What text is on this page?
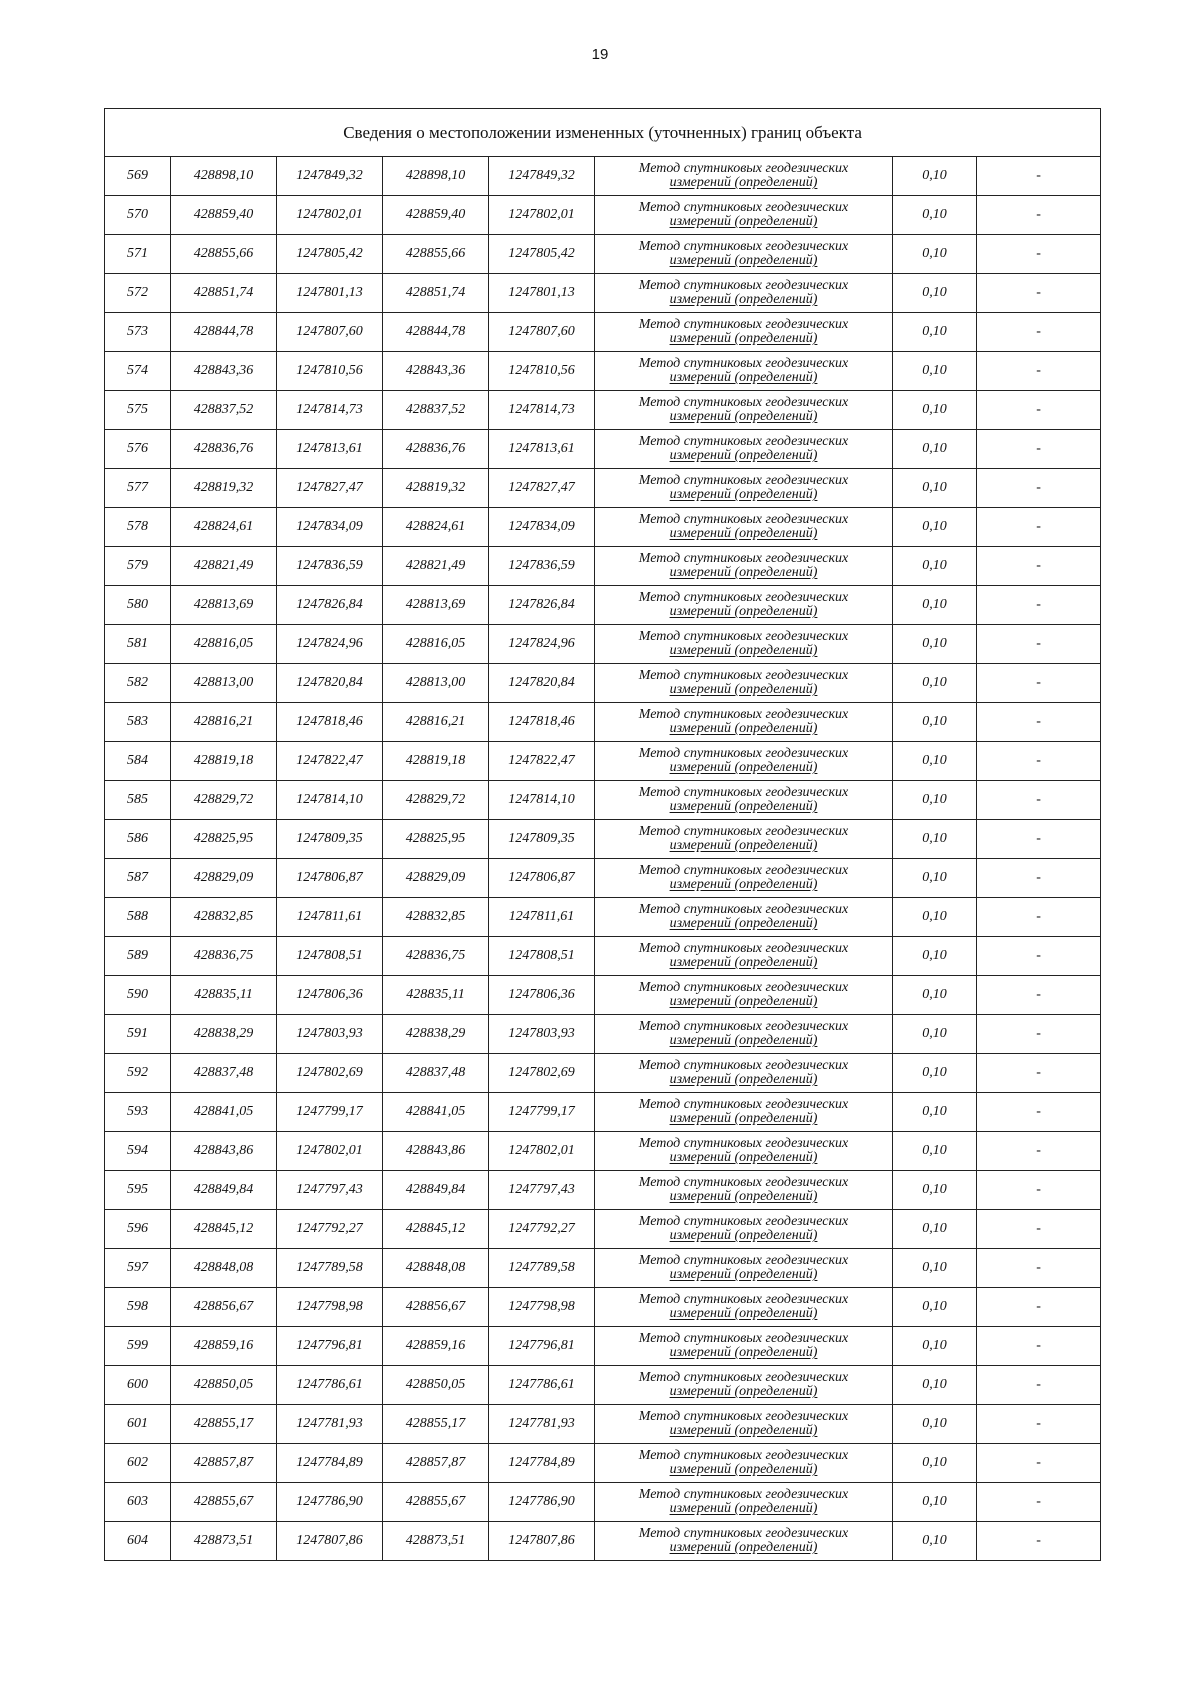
19
Сведения о местоположении измененных (уточненных) границ объекта							
569	428898,10	1247849,32	428898,10	1247849,32	Метод спутниковых геодезических
измерений (определений)	0,10	-
570	428859,40	1247802,01	428859,40	1247802,01	Метод спутниковых геодезических
измерений (определений)	0,10	-
571	428855,66	1247805,42	428855,66	1247805,42	Метод спутниковых геодезических
измерений (определений)	0,10	-
572	428851,74	1247801,13	428851,74	1247801,13	Метод спутниковых геодезических
измерений (определений)	0,10	-
573	428844,78	1247807,60	428844,78	1247807,60	Метод спутниковых геодезических
измерений (определений)	0,10	-
574	428843,36	1247810,56	428843,36	1247810,56	Метод спутниковых геодезических
измерений (определений)	0,10	-
575	428837,52	1247814,73	428837,52	1247814,73	Метод спутниковых геодезических
измерений (определений)	0,10	-
576	428836,76	1247813,61	428836,76	1247813,61	Метод спутниковых геодезических
измерений (определений)	0,10	-
577	428819,32	1247827,47	428819,32	1247827,47	Метод спутниковых геодезических
измерений (определений)	0,10	-
578	428824,61	1247834,09	428824,61	1247834,09	Метод спутниковых геодезических
измерений (определений)	0,10	-
579	428821,49	1247836,59	428821,49	1247836,59	Метод спутниковых геодезических
измерений (определений)	0,10	-
580	428813,69	1247826,84	428813,69	1247826,84	Метод спутниковых геодезических
измерений (определений)	0,10	-
581	428816,05	1247824,96	428816,05	1247824,96	Метод спутниковых геодезических
измерений (определений)	0,10	-
582	428813,00	1247820,84	428813,00	1247820,84	Метод спутниковых геодезических
измерений (определений)	0,10	-
583	428816,21	1247818,46	428816,21	1247818,46	Метод спутниковых геодезических
измерений (определений)	0,10	-
584	428819,18	1247822,47	428819,18	1247822,47	Метод спутниковых геодезических
измерений (определений)	0,10	-
585	428829,72	1247814,10	428829,72	1247814,10	Метод спутниковых геодезических
измерений (определений)	0,10	-
586	428825,95	1247809,35	428825,95	1247809,35	Метод спутниковых геодезических
измерений (определений)	0,10	-
587	428829,09	1247806,87	428829,09	1247806,87	Метод спутниковых геодезических
измерений (определений)	0,10	-
588	428832,85	1247811,61	428832,85	1247811,61	Метод спутниковых геодезических
измерений (определений)	0,10	-
589	428836,75	1247808,51	428836,75	1247808,51	Метод спутниковых геодезических
измерений (определений)	0,10	-
590	428835,11	1247806,36	428835,11	1247806,36	Метод спутниковых геодезических
измерений (определений)	0,10	-
591	428838,29	1247803,93	428838,29	1247803,93	Метод спутниковых геодезических
измерений (определений)	0,10	-
592	428837,48	1247802,69	428837,48	1247802,69	Метод спутниковых геодезических
измерений (определений)	0,10	-
593	428841,05	1247799,17	428841,05	1247799,17	Метод спутниковых геодезических
измерений (определений)	0,10	-
594	428843,86	1247802,01	428843,86	1247802,01	Метод спутниковых геодезических
измерений (определений)	0,10	-
595	428849,84	1247797,43	428849,84	1247797,43	Метод спутниковых геодезических
измерений (определений)	0,10	-
596	428845,12	1247792,27	428845,12	1247792,27	Метод спутниковых геодезических
измерений (определений)	0,10	-
597	428848,08	1247789,58	428848,08	1247789,58	Метод спутниковых геодезических
измерений (определений)	0,10	-
598	428856,67	1247798,98	428856,67	1247798,98	Метод спутниковых геодезических
измерений (определений)	0,10	-
599	428859,16	1247796,81	428859,16	1247796,81	Метод спутниковых геодезических
измерений (определений)	0,10	-
600	428850,05	1247786,61	428850,05	1247786,61	Метод спутниковых геодезических
измерений (определений)	0,10	-
601	428855,17	1247781,93	428855,17	1247781,93	Метод спутниковых геодезических
измерений (определений)	0,10	-
602	428857,87	1247784,89	428857,87	1247784,89	Метод спутниковых геодезических
измерений (определений)	0,10	-
603	428855,67	1247786,90	428855,67	1247786,90	Метод спутниковых геодезических
измерений (определений)	0,10	-
604	428873,51	1247807,86	428873,51	1247807,86	Метод спутниковых геодезических
измерений (определений)	0,10	-
